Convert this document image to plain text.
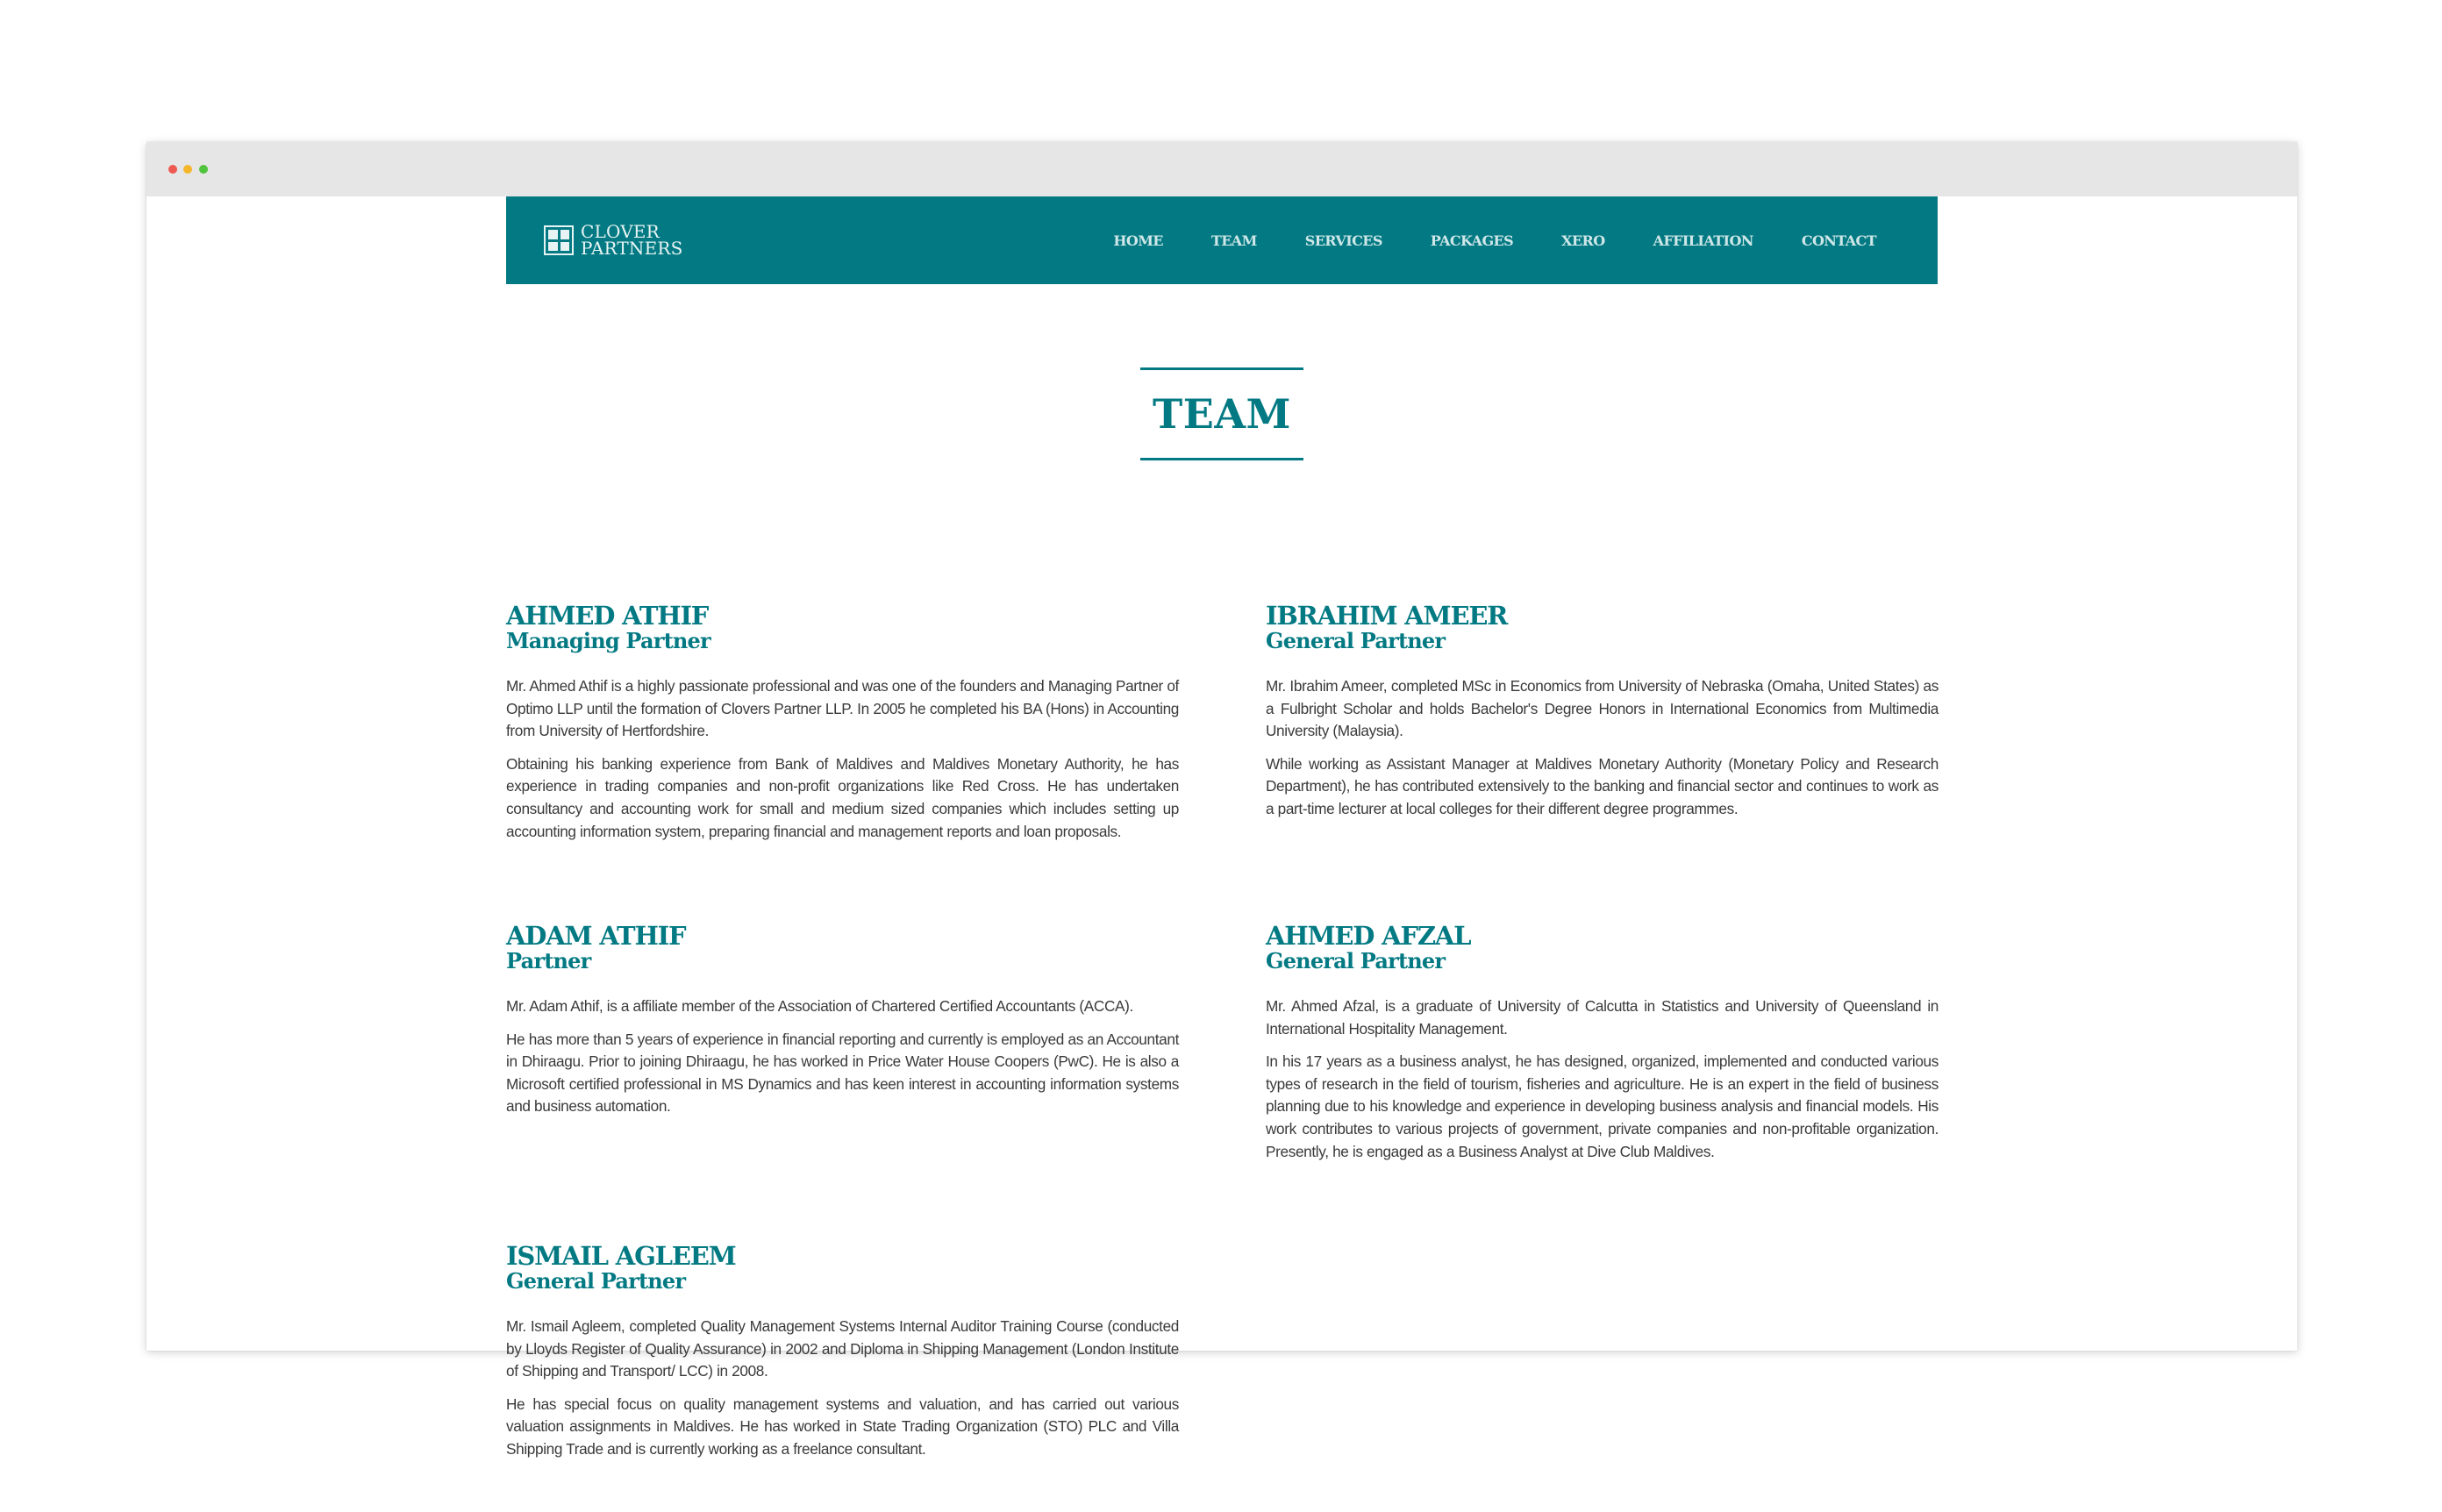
CLOVER
PARTNERS	HOME	TEAM	SERVICES	PACKAGES	XERO	AFFILIATION	CONTACT
TEAM
AHMED ATHIF
Managing Partner

Mr. Ahmed Athif is a highly passionate professional and was one of the founders and Managing Partner of Optimo LLP until the formation of Clovers Partner LLP. In 2005 he completed his BA (Hons) in Accounting from University of Hertfordshire.

Obtaining his banking experience from Bank of Maldives and Maldives Monetary Authority, he has experience in trading companies and non-profit organizations like Red Cross. He has undertaken consultancy and accounting work for small and medium sized companies which includes setting up accounting information system, preparing financial and management reports and loan proposals.

IBRAHIM AMEER
General Partner

Mr. Ibrahim Ameer, completed MSc in Economics from University of Nebraska (Omaha, United States) as a Fulbright Scholar and holds Bachelor's Degree Honors in International Economics from Multimedia University (Malaysia).

While working as Assistant Manager at Maldives Monetary Authority (Monetary Policy and Research Department), he has contributed extensively to the banking and financial sector and continues to work as a part-time lecturer at local colleges for their different degree programmes.

ADAM ATHIF
Partner

Mr. Adam Athif, is a affiliate member of the Association of Chartered Certified Accountants (ACCA).

He has more than 5 years of experience in financial reporting and currently is employed as an Accountant in Dhiraagu. Prior to joining Dhiraagu, he has worked in Price Water House Coopers (PwC). He is also a Microsoft certified professional in MS Dynamics and has keen interest in accounting information systems and business automation.

AHMED AFZAL
General Partner

Mr. Ahmed Afzal, is a graduate of University of Calcutta in Statistics and University of Queensland in International Hospitality Management.

In his 17 years as a business analyst, he has designed, organized, implemented and conducted various types of research in the field of tourism, fisheries and agriculture. He is an expert in the field of business planning due to his knowledge and experience in developing business analysis and financial models. His work contributes to various projects of government, private companies and non-profitable organization. Presently, he is engaged as a Business Analyst at Dive Club Maldives.

ISMAIL AGLEEM
General Partner

Mr. Ismail Agleem, completed Quality Management Systems Internal Auditor Training Course (conducted by Lloyds Register of Quality Assurance) in 2002 and Diploma in Shipping Management (London Institute of Shipping and Transport/ LCC) in 2008.

He has special focus on quality management systems and valuation, and has carried out various valuation assignments in Maldives. He has worked in State Trading Organization (STO) PLC and Villa Shipping Trade and is currently working as a freelance consultant.
